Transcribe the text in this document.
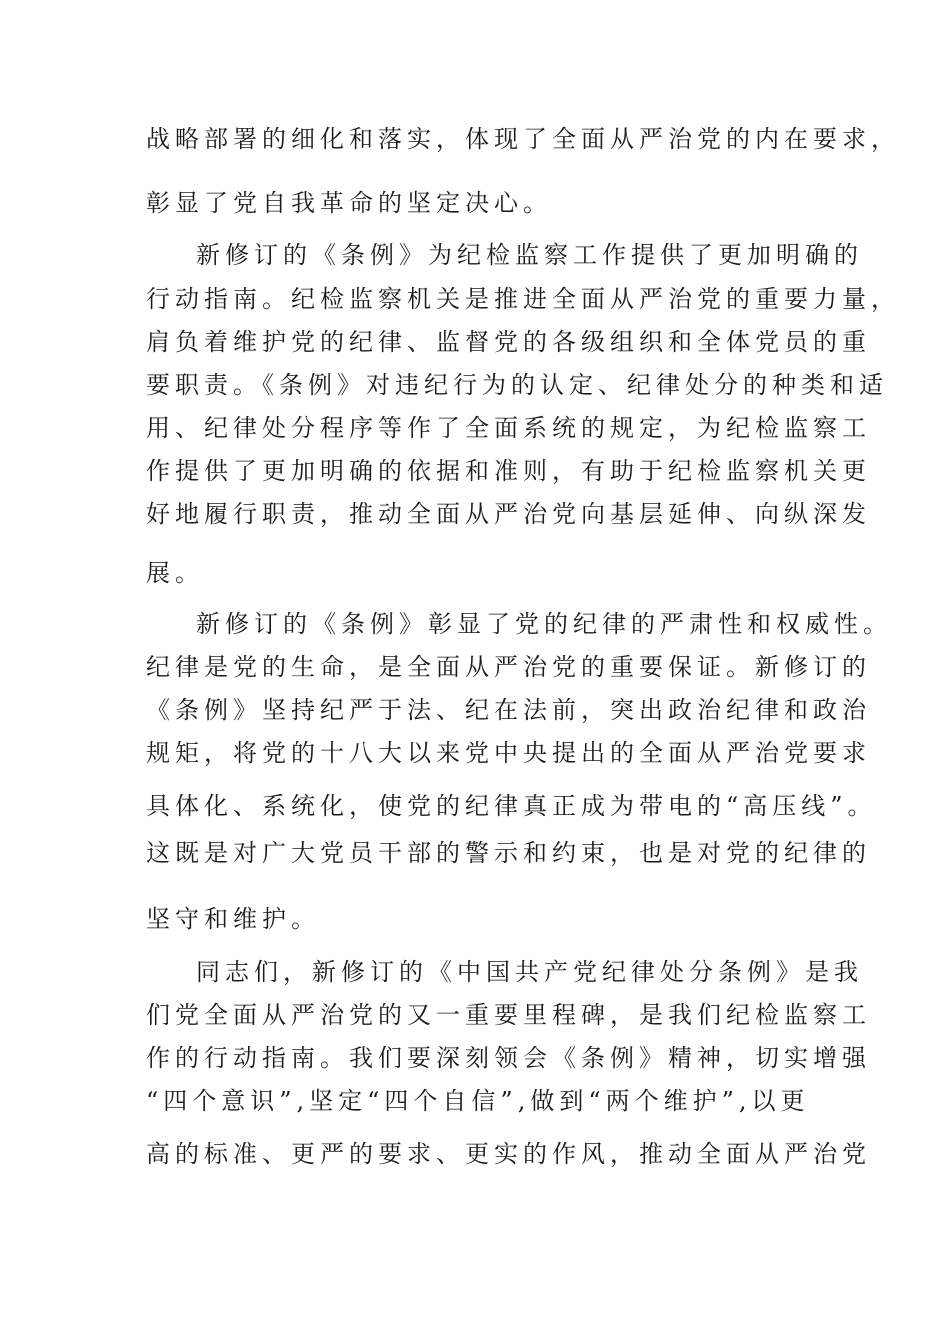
战略部署的细化和落实，体现了全面从严治党的内在要求，
彰显了党自我革命的坚定决心。
新修订的《条例》为纪检监察工作提供了更加明确的
行动指南。纪检监察机关是推进全面从严治党的重要力量，
肩负着维护党的纪律、监督党的各级组织和全体党员的重
要职责。《条例》对违纪行为的认定、纪律处分的种类和适
用、纪律处分程序等作了全面系统的规定，为纪检监察工
作提供了更加明确的依据和准则，有助于纪检监察机关更
好地履行职责，推动全面从严治党向基层延伸、向纵深发
展。
新修订的《条例》彰显了党的纪律的严肃性和权威性。
纪律是党的生命，是全面从严治党的重要保证。新修订的
《条例》坚持纪严于法、纪在法前，突出政治纪律和政治
规矩，将党的十八大以来党中央提出的全面从严治党要求
具体化、系统化，使党的纪律真正成为带电的“高压线”。
这既是对广大党员干部的警示和约束，也是对党的纪律的
坚守和维护。
同志们，新修订的《中国共产党纪律处分条例》是我
们党全面从严治党的又一重要里程碑，是我们纪检监察工
作的行动指南。我们要深刻领会《条例》精神，切实增强
“四个意识”,坚定“四个自信”,做到“两个维护”,以更
高的标准、更严的要求、更实的作风，推动全面从严治党
